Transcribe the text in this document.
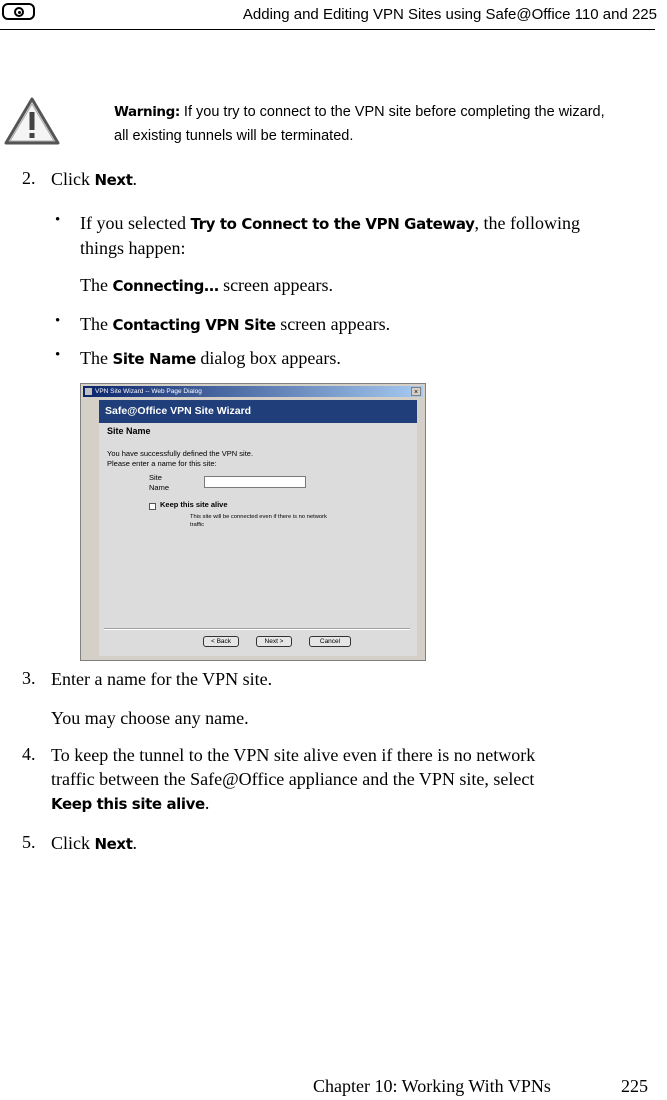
Adding and Editing VPN Sites using Safe@Office 110 and 225
Warning: If you try to connect to the VPN site before completing the wizard, all existing tunnels will be terminated.
2. Click Next.
• If you selected Try to Connect to the VPN Gateway, the following
things happen:
The Connecting… screen appears.
• The Contacting VPN Site screen appears.
• The Site Name dialog box appears.
VPN Site Wizard -- Web Page Dialog	×
Safe@Office VPN Site Wizard
Site Name
You have successfully defined the VPN site.
Please enter a name for this site:
Site
Name
Keep this site alive
This site will be connected even if there is no network
traffic
< Back	Next >	Cancel
3. Enter a name for the VPN site.
You may choose any name.
4. To keep the tunnel to the VPN site alive even if there is no network
traffic between the Safe@Office appliance and the VPN site, select
Keep this site alive.
5. Click Next.
Chapter 10: Working With VPNs	225
